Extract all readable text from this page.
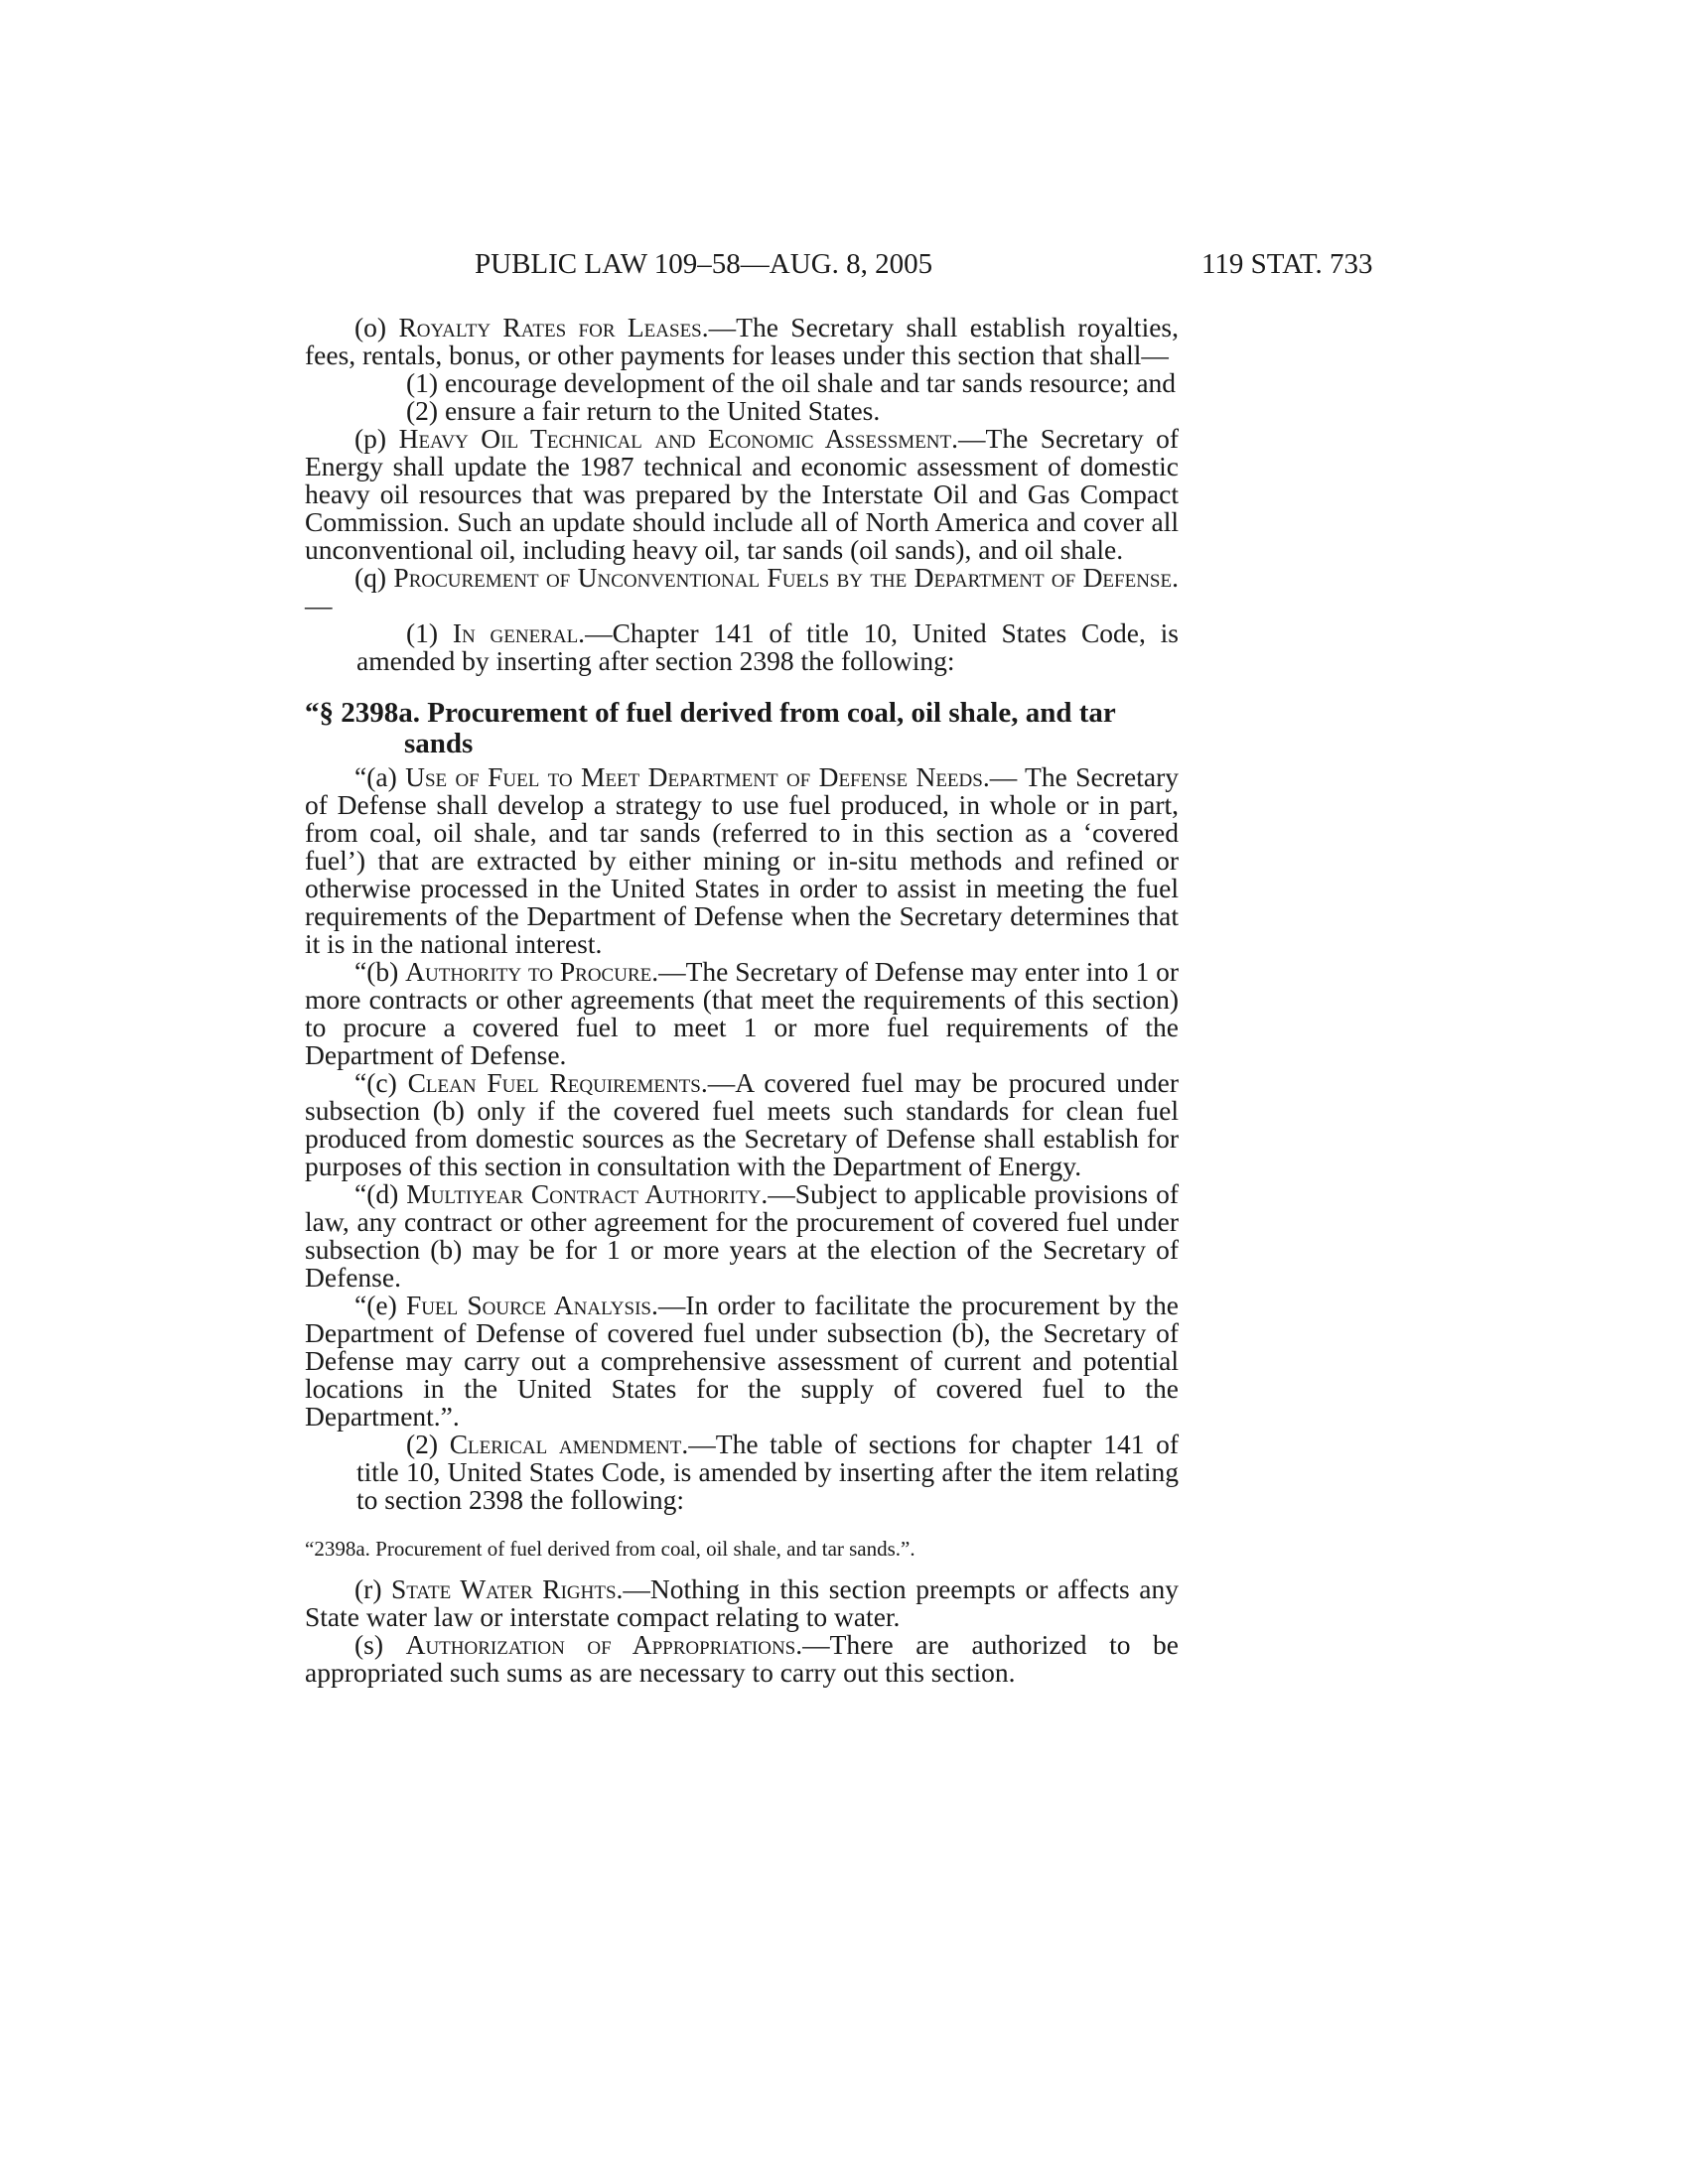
PUBLIC LAW 109–58—AUG. 8, 2005	119 STAT. 733

(o) Royalty Rates for Leases.—The Secretary shall establish royalties, fees, rentals, bonus, or other payments for leases under this section that shall—

(1) encourage development of the oil shale and tar sands resource; and

(2) ensure a fair return to the United States.

(p) Heavy Oil Technical and Economic Assessment.—The Secretary of Energy shall update the 1987 technical and economic assessment of domestic heavy oil resources that was prepared by the Interstate Oil and Gas Compact Commission. Such an update should include all of North America and cover all unconventional oil, including heavy oil, tar sands (oil sands), and oil shale.

(q) Procurement of Unconventional Fuels by the Department of Defense.—

(1) In general.—Chapter 141 of title 10, United States Code, is amended by inserting after section 2398 the following:

“§ 2398a. Procurement of fuel derived from coal, oil shale, and tar sands

“(a) Use of Fuel to Meet Department of Defense Needs.— The Secretary of Defense shall develop a strategy to use fuel produced, in whole or in part, from coal, oil shale, and tar sands (referred to in this section as a ‘covered fuel’) that are extracted by either mining or in-situ methods and refined or otherwise processed in the United States in order to assist in meeting the fuel requirements of the Department of Defense when the Secretary determines that it is in the national interest.

“(b) Authority to Procure.—The Secretary of Defense may enter into 1 or more contracts or other agreements (that meet the requirements of this section) to procure a covered fuel to meet 1 or more fuel requirements of the Department of Defense.

“(c) Clean Fuel Requirements.—A covered fuel may be procured under subsection (b) only if the covered fuel meets such standards for clean fuel produced from domestic sources as the Secretary of Defense shall establish for purposes of this section in consultation with the Department of Energy.

“(d) Multiyear Contract Authority.—Subject to applicable provisions of law, any contract or other agreement for the procurement of covered fuel under subsection (b) may be for 1 or more years at the election of the Secretary of Defense.

“(e) Fuel Source Analysis.—In order to facilitate the procurement by the Department of Defense of covered fuel under subsection (b), the Secretary of Defense may carry out a comprehensive assessment of current and potential locations in the United States for the supply of covered fuel to the Department.”.

(2) Clerical amendment.—The table of sections for chapter 141 of title 10, United States Code, is amended by inserting after the item relating to section 2398 the following:

“2398a. Procurement of fuel derived from coal, oil shale, and tar sands.”.

(r) State Water Rights.—Nothing in this section preempts or affects any State water law or interstate compact relating to water.

(s) Authorization of Appropriations.—There are authorized to be appropriated such sums as are necessary to carry out this section.
